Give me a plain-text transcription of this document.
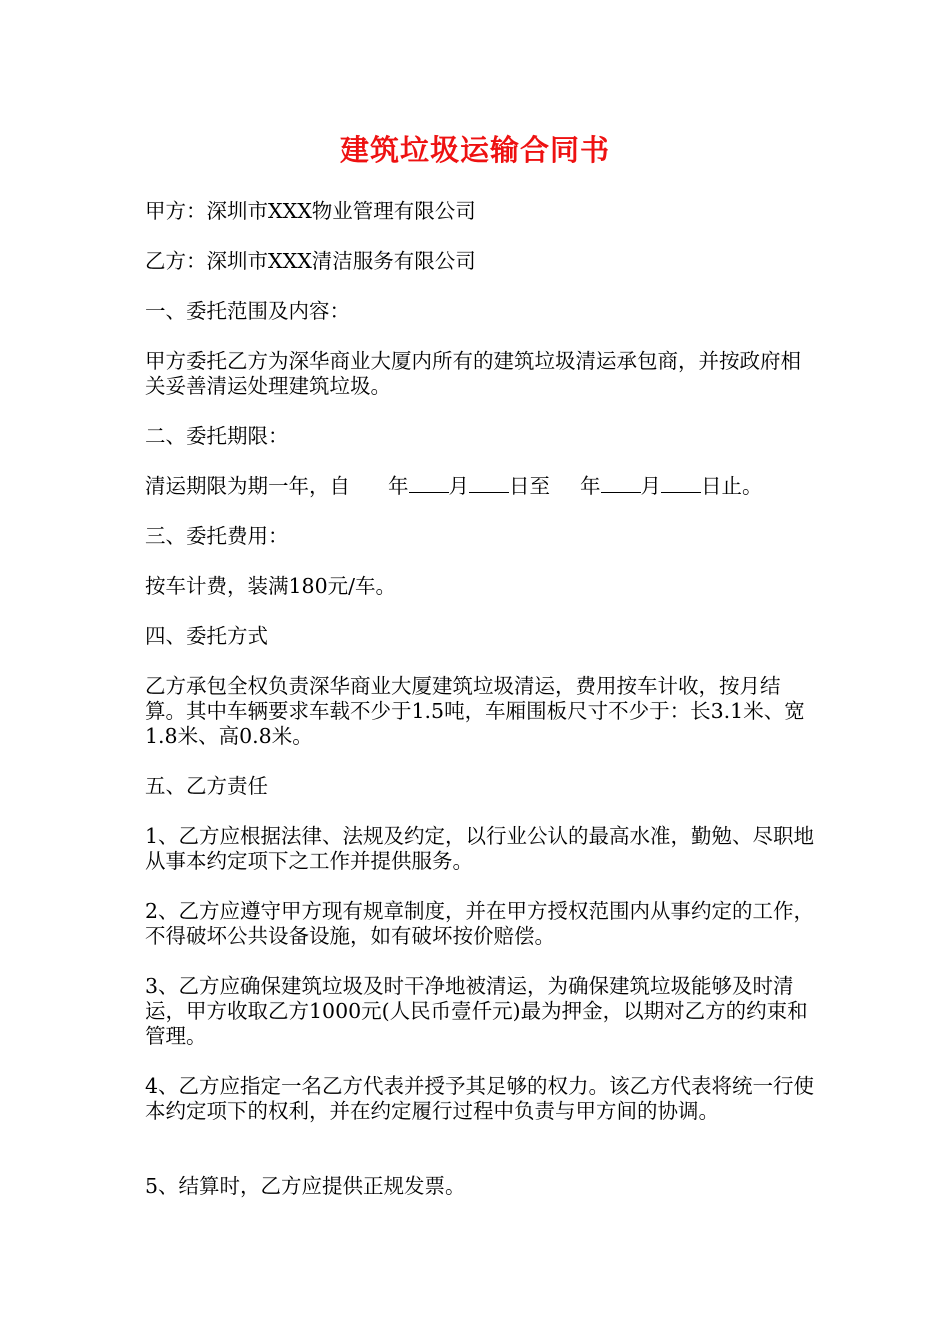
建筑垃圾运输合同书

甲方：深圳市XXX物业管理有限公司

乙方：深圳市XXX清洁服务有限公司

一、委托范围及内容：

甲方委托乙方为深华商业大厦内所有的建筑垃圾清运承包商，并按政府相关妥善清运处理建筑垃圾。

二、委托期限：

清运期限为期一年，自 年 月 日至 年 月 日止。

三、委托费用：

按车计费，装满180元/车。

四、委托方式

乙方承包全权负责深华商业大厦建筑垃圾清运，费用按车计收，按月结算。其中车辆要求车载不少于1.5吨，车厢围板尺寸不少于：长3.1米、宽1.8米、高0.8米。

五、乙方责任

1、乙方应根据法律、法规及约定，以行业公认的最高水准，勤勉、尽职地从事本约定项下之工作并提供服务。

2、乙方应遵守甲方现有规章制度，并在甲方授权范围内从事约定的工作，不得破坏公共设备设施，如有破坏按价赔偿。

3、乙方应确保建筑垃圾及时干净地被清运，为确保建筑垃圾能够及时清运，甲方收取乙方1000元(人民币壹仟元)最为押金，以期对乙方的约束和管理。

4、乙方应指定一名乙方代表并授予其足够的权力。该乙方代表将统一行使本约定项下的权利，并在约定履行过程中负责与甲方间的协调。

5、结算时，乙方应提供正规发票。
